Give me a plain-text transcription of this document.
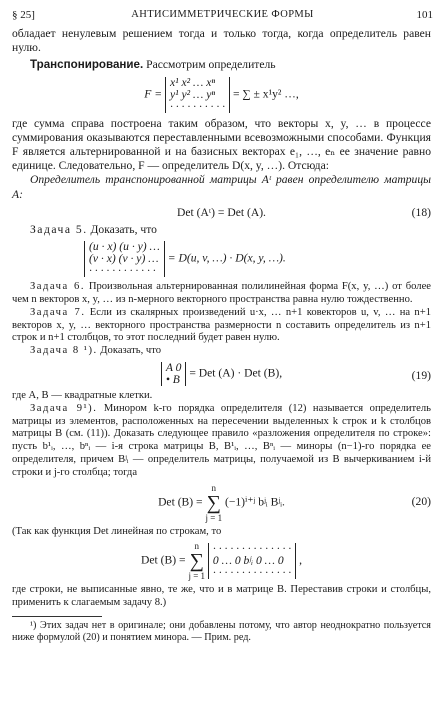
§ 25]	АНТИСИММЕТРИЧЕСКИЕ ФОРМЫ	101

обладает ненулевым решением тогда и только тогда, когда определитель равен нулю.

Транспонирование. Рассмотрим определитель

F = x¹ x² … xⁿ
y¹ y² … yⁿ
· · · · · · · · · · = ∑ ± x¹y² …,

где сумма справа построена таким образом, что векторы x, y, … в процессе суммирования оказываются переставленными всевозможными способами. Функция F является альтернированной и на базисных векторах e₁, …, eₙ ее значение равно единице. Следовательно, F — определитель D(x, y, …). Отсюда:

Определитель транспонированной матрицы Aᵗ равен определителю матрицы A:

Det (Aᵗ) = Det (A).	(18)

Задача 5. Доказать, что

(u · x) (u · y) …
(v · x) (v · y) …
· · · · · · · · · · · · = D(u, v, …) · D(x, y, …).

Задача 6. Произвольная альтернированная полилинейная форма F(x, y, …) от более чем n векторов x, y, … из n-мерного векторного пространства равна нулю тождественно.

Задача 7. Если из скалярных произведений u·x, … n+1 ковекторов u, v, … на n+1 векторов x, y, … векторного пространства размерности n составить определитель из n+1 строк и n+1 столбцов, то этот последний будет равен нулю.

Задача 8 ¹). Доказать, что

A 0
• B = Det (A) · Det (B),	(19)

где A, B — квадратные клетки.

Задача 9¹). Минором k-го порядка определителя (12) называется определитель матрицы из элементов, расположенных на пересечении выделенных k строк и k столбцов матрицы B (см. (11)). Доказать следующее правило «разложения определителя по строке»: пусть b¹ᵢ, …, bⁿᵢ — i-я строка матрицы B, B¹ᵢ, …, Bⁿᵢ — миноры (n−1)-го порядка ее определителя, причем Bʲᵢ — определитель матрицы, получаемой из B вычеркиванием i-й строки и j-го столбца; тогда

Det (B) = n
∑
j = 1 (−1)ⁱ⁺ʲ bʲᵢ Bʲᵢ.	(20)

(Так как функция Det линейная по строкам, то

Det (B) = n
∑
j = 1 · · · · · · · · · · · · · ·
0 … 0 bʲᵢ 0 … 0
· · · · · · · · · · · · · · ,

где строки, не выписанные явно, те же, что и в матрице B. Переставив строки и столбцы, применить к слагаемым задачу 8.)

¹) Этих задач нет в оригинале; они добавлены потому, что автор неоднократно пользуется ниже формулой (20) и понятием минора. — Прим. ред.
